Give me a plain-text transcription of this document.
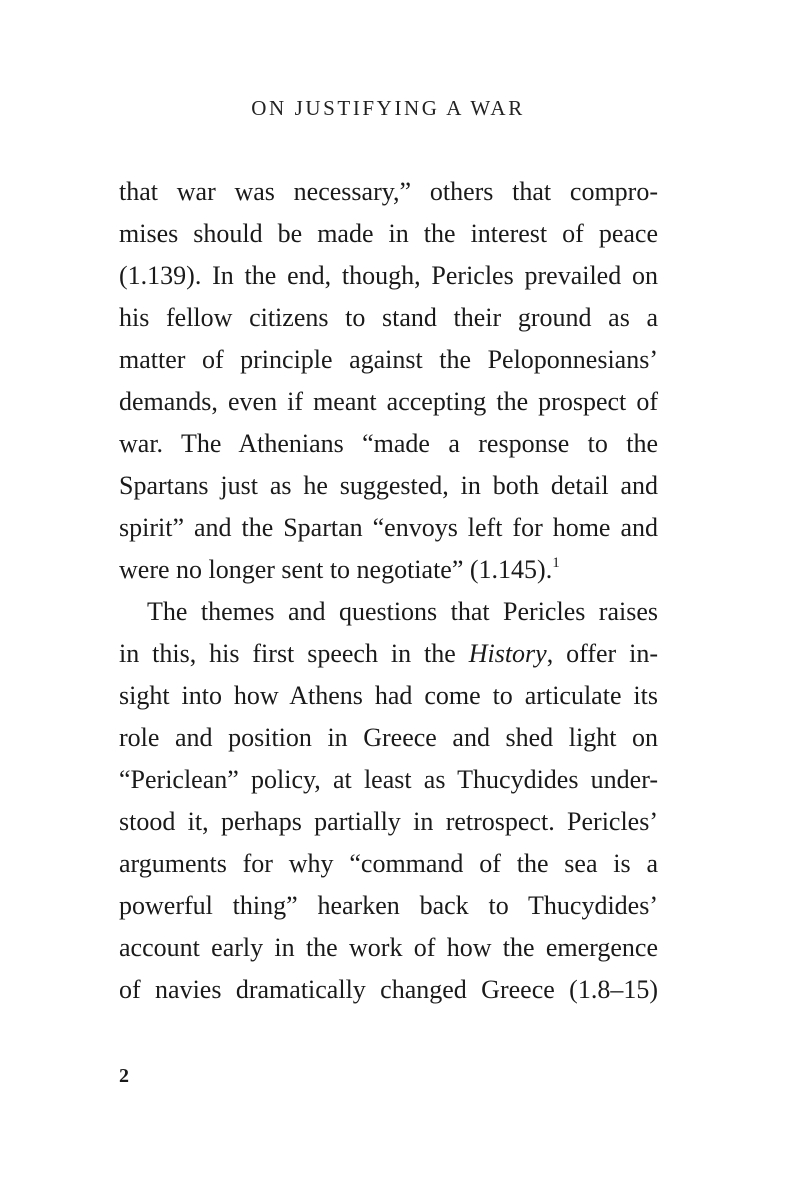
ON JUSTIFYING A WAR
that war was necessary,” others that compro-
mises should be made in the interest of peace
(1.139). In the end, though, Pericles prevailed on
his fellow citizens to stand their ground as a
matter of principle against the Peloponnesians’
demands, even if meant accepting the prospect of
war. The Athenians “made a response to the
Spartans just as he suggested, in both detail and
spirit” and the Spartan “envoys left for home and
were no longer sent to negotiate” (1.145).$^1$
The themes and questions that Pericles raises
in this, his first speech in the History, offer in-
sight into how Athens had come to articulate its
role and position in Greece and shed light on
“Periclean” policy, at least as Thucydides under-
stood it, perhaps partially in retrospect. Pericles’
arguments for why “command of the sea is a
powerful thing” hearken back to Thucydides’
account early in the work of how the emergence
of navies dramatically changed Greece (1.8–15)
2
